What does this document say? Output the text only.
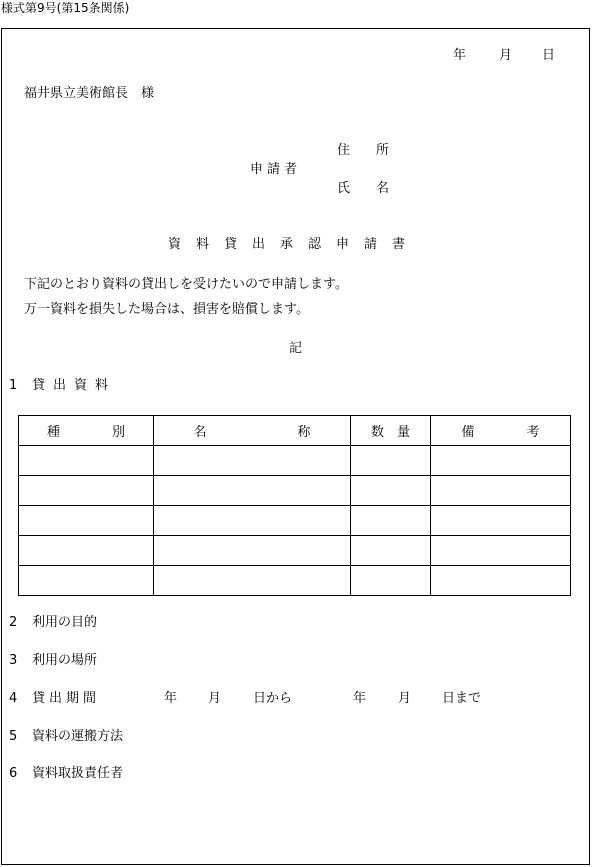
様式第9号(第15条関係)
年	月 日
福井県立美術館長　様
住　　所
申請者
氏　　名
資料貸出承認申請書
下記のとおり資料の貸出しを受けたいので申請します。
万一資料を損失した場合は、損害を賠償します。
記
1 貸出資料
種　　　　別	名　　　　　　　称	数　量	備　　　　考

2 利用の目的
3 利用の場所
4 貸出期間	年 月 日から	年 月 日まで
5 資料の運搬方法
6 資料取扱責任者
